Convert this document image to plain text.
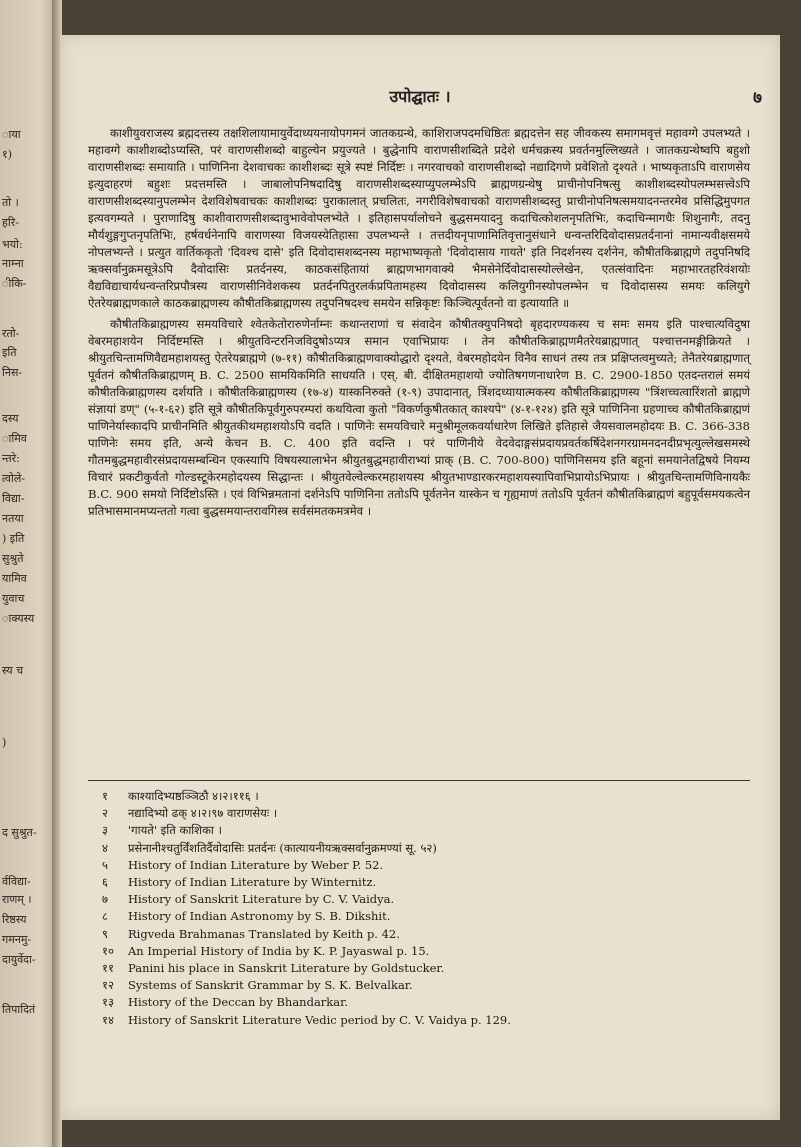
ाया
१)
तो ।
हरि-
भयो:
नाम्ना
ीकि-
रतो-
इति
निस-
दस्य
ामिव
न्तरे:
त्वोले-
विद्या-
नतया
) इति
सुश्रुते
यामिव
युवाच
ाक्यस्य
स्य च
)
द सुश्रुत-
र्वविद्या-
राणम् ।
रिष्ठस्य
गमनमु-
दायुर्वेदा-
तिपादितं
उपोद्घातः ।	७

काशीयुवराजस्य ब्रह्मदत्तस्य तक्षशिलायामायुर्वेदाध्ययनायोपगमनं जातकग्रन्थे, काशिराजपदमधिष्ठितः ब्रह्मदत्तेन सह जीवकस्य समागमवृत्तं महावग्गे उपलभ्यते । महावग्गे काशीशब्दोऽप्यस्ति, परं वाराणसीशब्दो बाहुल्येन प्रयुज्यते । बुद्धेनापि वाराणसीशब्दिते प्रदेशे धर्मचक्रस्य प्रवर्तनमुल्लिख्यते । जातकग्रन्थेष्वपि बहुशो वाराणसीशब्दः समायाति । पाणिनिना देशवाचकः काशीशब्दः सूत्रे स्पष्टं निर्दिष्टः । नगरवाचको वाराणसीशब्दो नद्यादिगणे प्रवेशितो दृश्यते । भाष्यकृताऽपि वाराणसेय इत्युदाहरणं बहुशः प्रदत्तमस्ति । जाबालोपनिषदादिषु वाराणसीशब्दस्याप्युपलम्भेऽपि ब्राह्मणग्रन्थेषु प्राचीनोपनिषत्सु काशीशब्दस्योपलम्भसत्त्वेऽपि वाराणसीशब्दस्यानुपलम्भेन देशविशेषवाचकः काशीशब्दः पुराकालात् प्रचलितः, नगरीविशेषवाचको वाराणसीशब्दस्तु प्राचीनोपनिषत्समयादनन्तरमेव प्रसिद्धिमुपगत इत्यवगम्यते । पुराणादिषु काशीवाराणसीशब्दावुभावेवोपलभ्येते । इतिहासपर्यालोचने बुद्धसमयादनु कदाचित्कोशलनृपतिभिः, कदाचिन्मागधैः शिशुनागैः, तदनु मौर्यशुङ्गगुप्तनृपतिभिः, हर्षवर्धनेनापि वाराणस्या विजयस्येतिहासा उपलभ्यन्ते । तत्तदीयनृपाणामितिवृत्तानुसंधाने धन्वन्तरिदिवोदासप्रतर्दनानां नामान्यवीक्षसमये नोपलभ्यन्ते । प्रत्युत वार्तिककृतो 'दिवश्च दासे' इति दिवोदासशब्दनस्य महाभाष्यकृतो 'दिवोदासाय गायते' इति निदर्शनस्य दर्शनेन, कौषीतकिब्राह्मणे तदुपनिषदि ऋक्सर्वानुक्रमसूत्रेऽपि दैवोदासिः प्रतर्दनस्य, काठकसंहितायां ब्राह्मणभागवाक्ये भैमसेनेर्दिवोदासस्योल्लेखेन, एतत्संवादिनः महाभारतहरिवंशयोः वैद्यविद्याचार्यधन्वन्तरिप्रपौत्रस्य वाराणसीनिवेशकस्य प्रतर्दनपितुरलर्कप्रपितामहस्य दिवोदासस्य कलियुगीनस्योपलम्भेन च दिवोदासस्य समयः कलियुगे ऐतरेयब्राह्मणकाले काठकब्राह्मणस्य कौषीतकिब्राह्मणस्य तदुपनिषदश्च समयेन सन्निकृष्टः किञ्चित्पूर्वतनो वा इत्यायाति ॥

कौषीतकिब्राह्मणस्य समयविचारे श्वेतकेतोरारुणेर्नाम्नः कथान्तराणां च संवादेन कौषीतक्युपनिषदो बृहदारण्यकस्य च समः समय इति पाश्चात्यविदुषा वेबरमहाशयेन निर्दिष्टमस्ति । श्रीयुतविन्टरनिजविदुषोऽप्यत्र समान एवाभिप्रायः । तेन कौषीतकिब्राह्मणमैतरेयब्राह्मणात् पश्चात्तनमङ्गीक्रियते । श्रीयुतचिन्तामणिवैद्यमहाशयस्तु ऐतरेयब्राह्मणे (७-११) कौषीतकिब्राह्मणवाक्योद्धारो दृश्यते, वेबरमहोदयेन विनैव साधनं तस्य तत्र प्रक्षिप्तत्वमुच्यते; तेनैतरेयब्राह्मणात् पूर्वतनं कौषीतकिब्राह्मणम् B. C. 2500 सामयिकमिति साधयति । एस्. बी. दीक्षितमहाशयो ज्योतिषगणनाधारेण B. C. 2900-1850 एतदन्तरालं समयं कौषीतकिब्राह्मणस्य दर्शयति । कौषीतकिब्राह्मणस्य (१७-४) यास्कनिरुक्ते (१-९) उपादानात्, त्रिंशदध्यायात्मकस्य कौषीतकिब्राह्मणस्य "त्रिंशच्चत्वारिंशतो ब्राह्मणे संज्ञायां डण्" (५-१-६२) इति सूत्रे कौषीतकिपूर्वगुरुपरम्परां कथयित्वा कुतो "विकर्णकुषीतकात् काश्यपे" (४-१-१२४) इति सूत्रे पाणिनिना ग्रहणाच्च कौषीतकिब्राह्मणं पाणिनेर्यास्कादपि प्राचीनमिति श्रीयुतकीथमहाशयोऽपि वदति । पाणिनेः समयविचारे मनुश्रीमूलकवर्याधारेण लिखिते इतिहासे जैयसवालमहोदयः B. C. 366-338 पाणिनेः समय इति, अन्ये केचन B. C. 400 इति वदन्ति । परं पाणिनीये वेदवेदाङ्गसंप्रदायप्रवर्तकर्षिदेशनगरग्रामनदनदीप्रभृत्युल्लेखसमस्थे गौतमबुद्धमहावीरसंप्रदायसम्बन्धिन एकस्यापि विषयस्यालाभेन श्रीयुतबुद्धमहावीराभ्यां प्राक् (B. C. 700-800) पाणिनिसमय इति बहूनां समयानेतद्विषये नियम्य विचारं प्रकटीकुर्वतो गोल्डस्टूकेरमहोदयस्य सिद्धान्तः । श्रीयुतवेल्वेल्करमहाशयस्य श्रीयुतभाण्डारकरमहाशयस्यापिवाभिप्रायोऽभिप्रायः । श्रीयुतचिन्तामणिविनायकैः B.C. 900 समयो निर्दिष्टोऽस्ति । एवं विभिन्नमतानां दर्शनेऽपि पाणिनिना ततोऽपि पूर्वतनेन यास्केन च गृह्यमाणं ततोऽपि पूर्वतनं कौषीतकिब्राह्मणं बहुपूर्वसमयकत्वेन प्रतिभासमानमप्यन्ततो गत्वा बुद्धसमयान्तरावगिस्त्र सर्वसंमतकमत्रमेव ।

१ काश्यादिभ्यष्ठञ्ञिठौ ४।२।११६ ।
२ नद्यादिभ्यो ढक् ४।२।९७ वाराणसेयः ।
३ 'गायते' इति काशिका ।
४ प्रसेनानीश्चतुर्विंशतिर्दैवोदासिः प्रतर्दनः (कात्यायनीयऋक्सर्वानुक्रमण्यां सू. ५२)
५ History of Indian Literature by Weber P. 52.
६ History of Indian Literature by Winternitz.
७ History of Sanskrit Literature by C. V. Vaidya.
८ History of Indian Astronomy by S. B. Dikshit.
९ Rigveda Brahmanas Translated by Keith p. 42.
१० An Imperial History of India by K. P. Jayaswal p. 15.
११ Panini his place in Sanskrit Literature by Goldstucker.
१२ Systems of Sanskrit Grammar by S. K. Belvalkar.
१३ History of the Deccan by Bhandarkar.
१४ History of Sanskrit Literature Vedic period by C. V. Vaidya p. 129.
